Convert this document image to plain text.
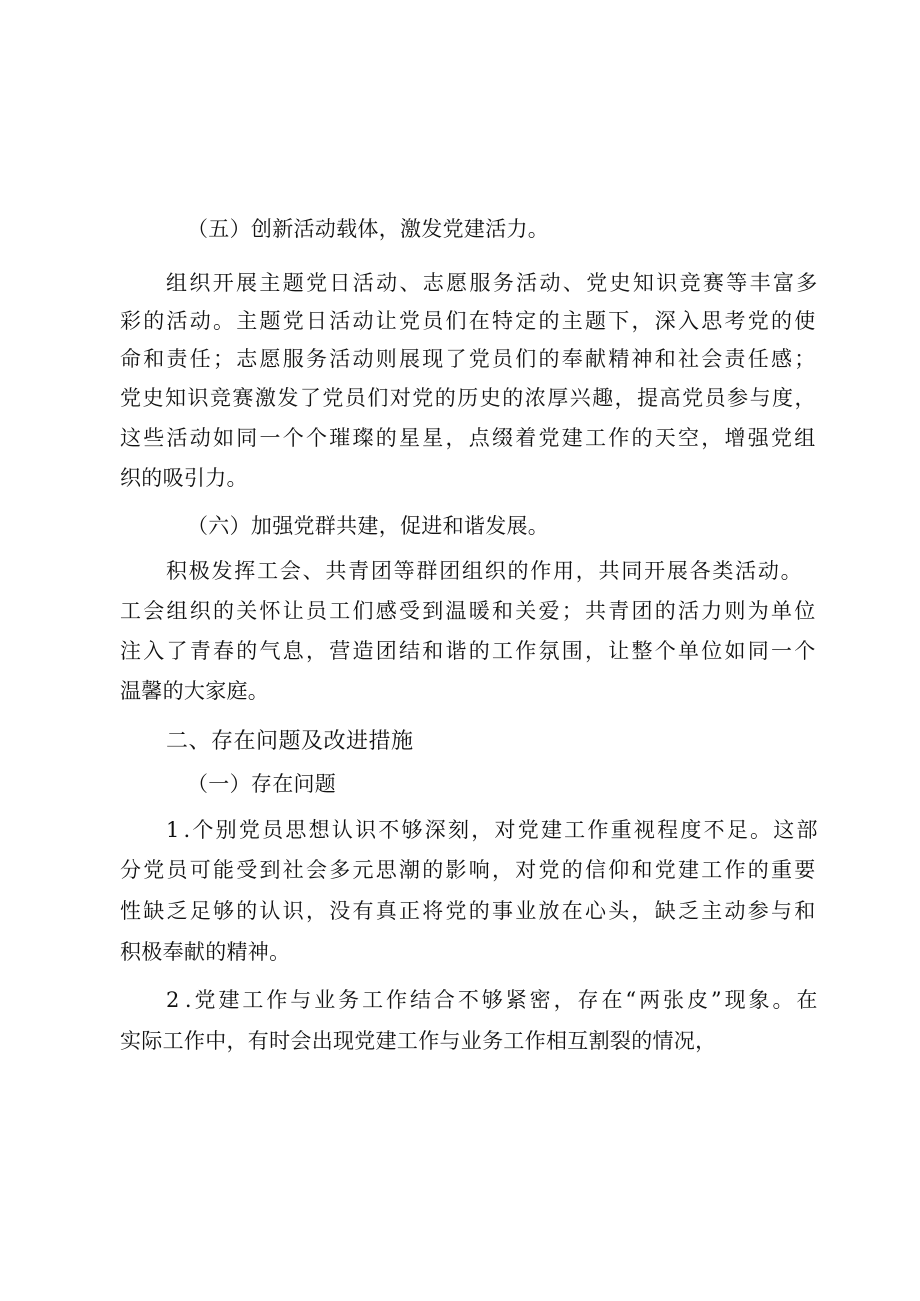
（五）创新活动载体，激发党建活力。
组 织 开 展 主 题 党 日 活 动 、 志 愿 服 务 活 动 、 党 史 知 识 竞 赛 等 丰 富 多
彩 的 活 动 。 主 题 党 日 活 动 让 党 员 们 在 特 定 的 主 题 下 ， 深 入 思 考 党 的 使
命 和 责 任 ； 志 愿 服 务 活 动 则 展 现 了 党 员 们 的 奉 献 精 神 和 社 会 责 任 感 ；
党 史 知 识 竞 赛 激 发 了 党 员 们 对 党 的 历 史 的 浓 厚 兴 趣 ， 提 高 党 员 参 与 度 ，
这 些 活 动 如 同 一 个 个 璀 璨 的 星 星 ， 点 缀 着 党 建 工 作 的 天 空 ， 增 强 党 组
织的吸引力。
（六）加强党群共建，促进和谐发展。
积 极 发 挥 工 会 、 共 青 团 等 群 团 组 织 的 作 用 ， 共 同 开 展 各 类 活 动 。
工 会 组 织 的 关 怀 让 员 工 们 感 受 到 温 暖 和 关 爱 ； 共 青 团 的 活 力 则 为 单 位
注 入 了 青 春 的 气 息 ， 营 造 团 结 和 谐 的 工 作 氛 围 ， 让 整 个 单 位 如 同 一 个
温馨的大家庭。
二、存在问题及改进措施
（一）存在问题
1 . 个 别 党 员 思 想 认 识 不 够 深 刻 ， 对 党 建 工 作 重 视 程 度 不 足 。 这 部
分 党 员 可 能 受 到 社 会 多 元 思 潮 的 影 响 ， 对 党 的 信 仰 和 党 建 工 作 的 重 要
性 缺 乏 足 够 的 认 识 ， 没 有 真 正 将 党 的 事 业 放 在 心 头 ， 缺 乏 主 动 参 与 和
积极奉献的精神。
2 . 党 建 工 作 与 业 务 工 作 结 合 不 够 紧 密 ， 存 在 “ 两 张 皮 ” 现 象 。 在
实际工作中，有时会出现党建工作与业务工作相互割裂的情况，
